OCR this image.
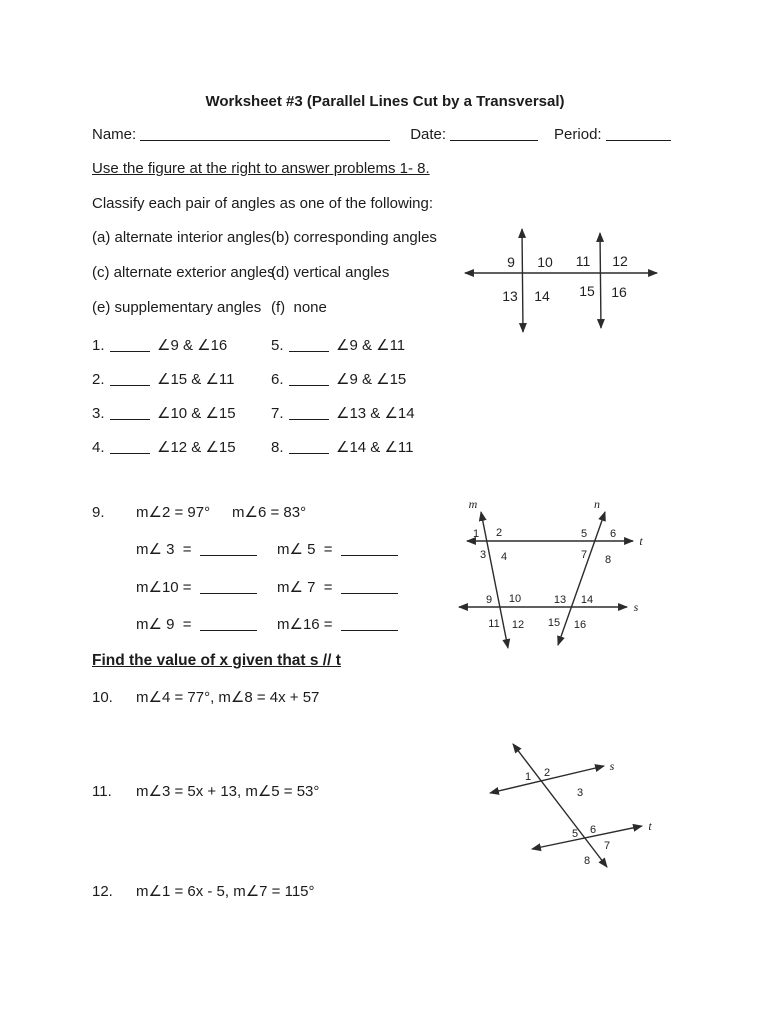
Worksheet #3 (Parallel Lines Cut by a Transversal)
Name:	Date:	Period:
Use the figure at the right to answer problems 1- 8.
Classify each pair of angles as one of the following:
(a) alternate interior angles(b) corresponding angles
(c) alternate exterior angles(d) vertical angles
(e) supplementary angles (f)  none
1.	∠9 & ∠16	5.	∠9 & ∠11
2.	∠15 & ∠11 6.	∠9 & ∠15
3.	∠10 & ∠15 7.	∠13 & ∠14
4.	∠12 & ∠15 8.	∠14 & ∠11
9 10 11 12
13 14 15 16
9. m∠2 = 97° m∠6 = 83°
m∠ 3  =	m∠ 5  =
m∠10 =	m∠ 7  =
m∠ 9  =	m∠16 =
m	n
t
s
1 2
3 4
5 6
7 8
9 10
11 12
13 14
15 16
Find the value of x given that s // t
10. m∠4 = 77°, m∠8 = 4x + 57
11. m∠3 = 5x + 13, m∠5 = 53°
12. m∠1 = 6x - 5, m∠7 = 115°
s
t
1 2
3
5 6
7
8
